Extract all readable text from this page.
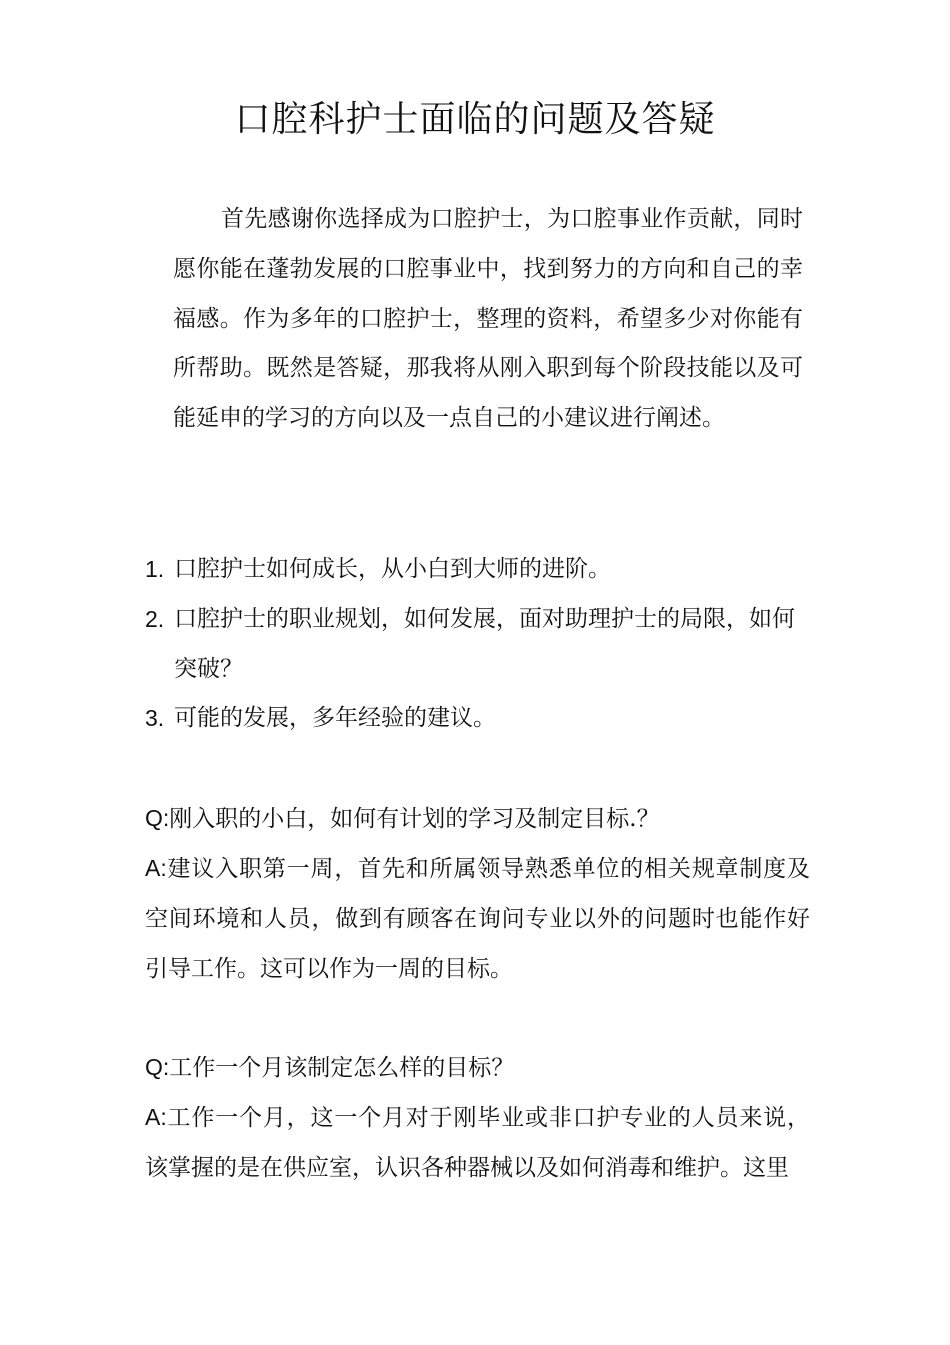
口腔科护士面临的问题及答疑

首先感谢你选择成为口腔护士，为口腔事业作贡献，同时愿你能在蓬勃发展的口腔事业中，找到努力的方向和自己的幸福感。作为多年的口腔护士，整理的资料，希望多少对你能有所帮助。既然是答疑，那我将从刚入职到每个阶段技能以及可能延申的学习的方向以及一点自己的小建议进行阐述。

1. 口腔护士如何成长，从小白到大师的进阶。
2. 口腔护士的职业规划，如何发展，面对助理护士的局限，如何突破？
3. 可能的发展，多年经验的建议。

Q:刚入职的小白，如何有计划的学习及制定目标.？

A:建议入职第一周，首先和所属领导熟悉单位的相关规章制度及空间环境和人员，做到有顾客在询问专业以外的问题时也能作好引导工作。这可以作为一周的目标。

Q:工作一个月该制定怎么样的目标？

A:工作一个月，这一个月对于刚毕业或非口护专业的人员来说，该掌握的是在供应室，认识各种器械以及如何消毒和维护。这里
